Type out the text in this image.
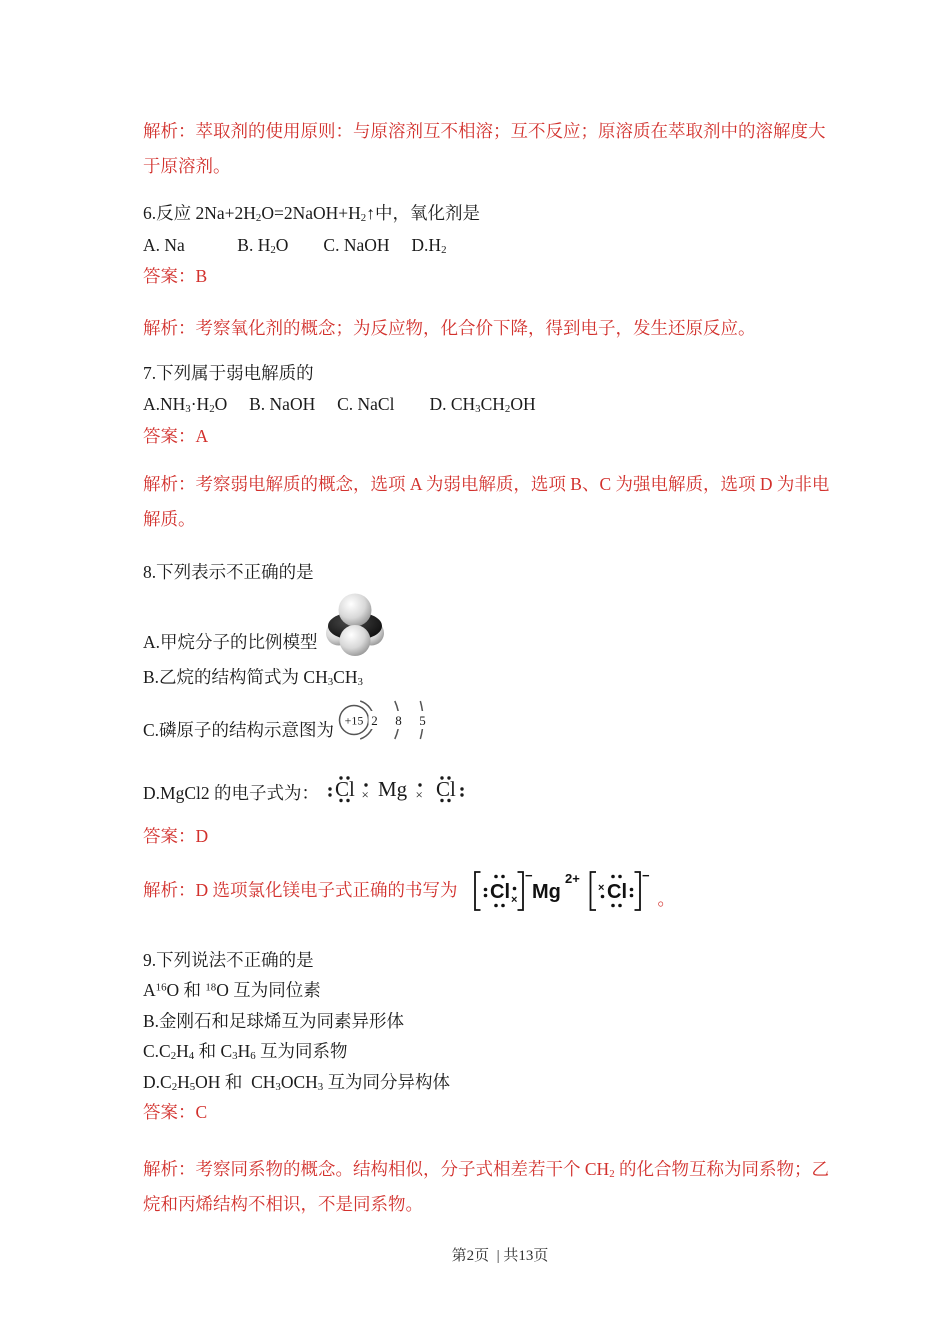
解析：萃取剂的使用原则：与原溶剂互不相溶；互不反应；原溶质在萃取剂中的溶解度大
于原溶剂。
6.反应 $2Na+2H_2O=2NaOH+H_2↑$中，氧化剂是
A. Na　　　B. $H_2O$　　C. NaOH　 $D.H_2$
答案：B
解析：考察氧化剂的概念；为反应物，化合价下降，得到电子，发生还原反应。
7.下列属于弱电解质的
$A.NH_3\cdot H_2O$　 B. NaOH　 C. NaCl　　D. $CH_3CH_2OH$
答案：A
解析：考察弱电解质的概念，选项 A 为弱电解质，选项 B、C 为强电解质，选项 D 为非电
解质。
8.下列表示不正确的是
A.甲烷分子的比例模型
B.乙烷的结构简式为 $CH_3CH_3$
C.磷原子的结构示意图为 +15 2 8 5
D.MgCl2 的电子式为： Cl × Mg × Cl
答案：D
解析：D 选项氯化镁电子式正确的书写为 Cl ×
−
Mg
2+
× Cl
−
。
9.下列说法不正确的是
$A^{16}O$ 和 $^{18}$O 互为同位素
B.金刚石和足球烯互为同素异形体
$C.C_2H_4$ 和 $C_3H_6$ 互为同系物
$D.C_2H_5OH$ 和  $CH_3OCH_3$ 互为同分异构体
答案：C
解析：考察同系物的概念。结构相似，分子式相差若干个 $CH_2$ 的化合物互称为同系物；乙
烷和丙烯结构不相识，不是同系物。

第2页  | 共13页
